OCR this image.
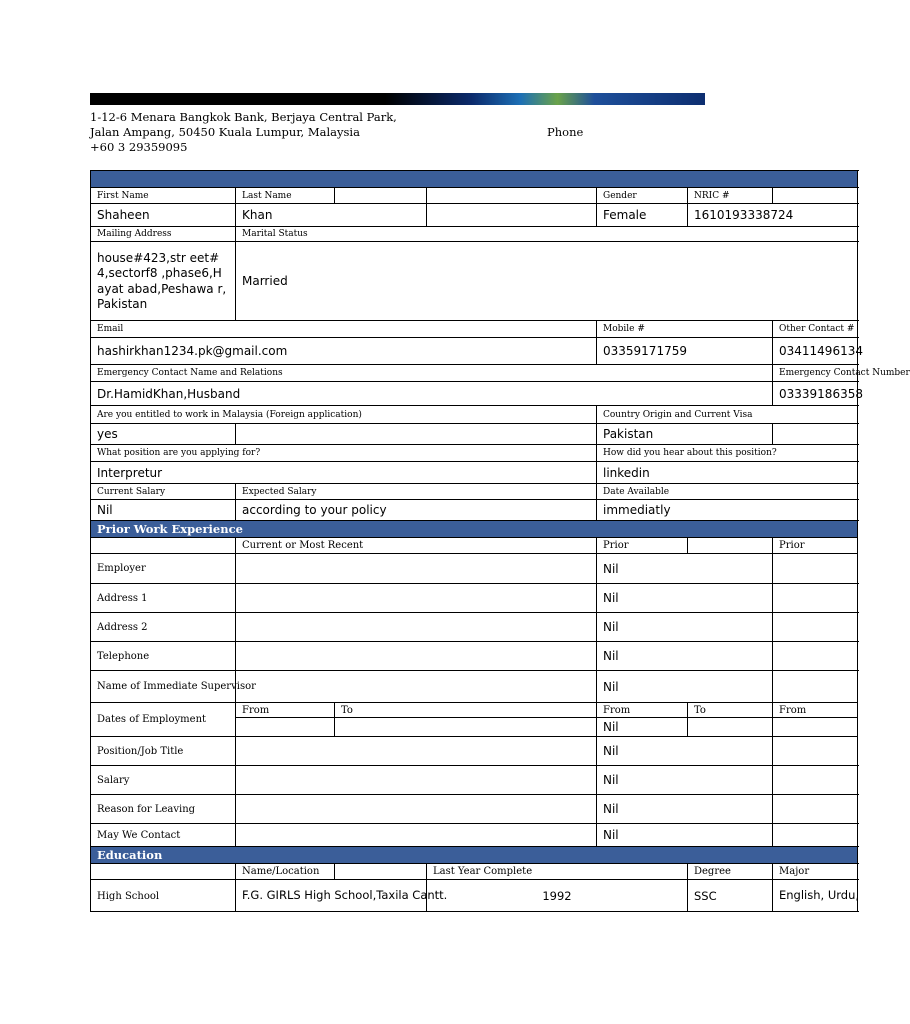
1-12-6 Menara Bangkok Bank, Berjaya Central Park,
Jalan Ampang, 50450 Kuala Lumpur, Malaysia
+60 3 29359095
Phone

First Name	Last Name			Gender	NRIC #		
Shaheen	Khan			Female	1610193338724		
Mailing Address	Marital Status						
house#423,str eet#4,sectorf8 ,phase6,Hayat abad,Peshawa r,Pakistan	Married						
Email				Mobile #		Other Contact #	
hashirkhan1234.pk@gmail.com				03359171759		03411496134	
Emergency Contact Name and Relations						Emergency Contact Number	
Dr.HamidKhan,Husband						03339186358	
Are you entitled to work in Malaysia (Foreign application)				Country Origin and Current Visa			
yes				Pakistan			
What position are you applying for?				How did you hear about this position?			
Interpretur				linkedin			
Current Salary	Expected Salary			Date Available			
Nil	according to your policy			immediatly			
Prior Work Experience							
	Current or Most Recent			Prior		Prior	
Employer				Nil			
Address 1				Nil			
Address 2				Nil			
Telephone				Nil			
Name of Immediate Supervisor				Nil			
Dates of Employment	From	To		From	To	From	
				Nil			
Position/Job Title				Nil			
Salary				Nil			
Reason for Leaving				Nil			
May We Contact				Nil			
Education							
	Name/Location		Last Year Complete		Degree	Major	
High School	F.G. GIRLS High School,Taxila Cantt.		1992		SSC	English, Urdu,	
